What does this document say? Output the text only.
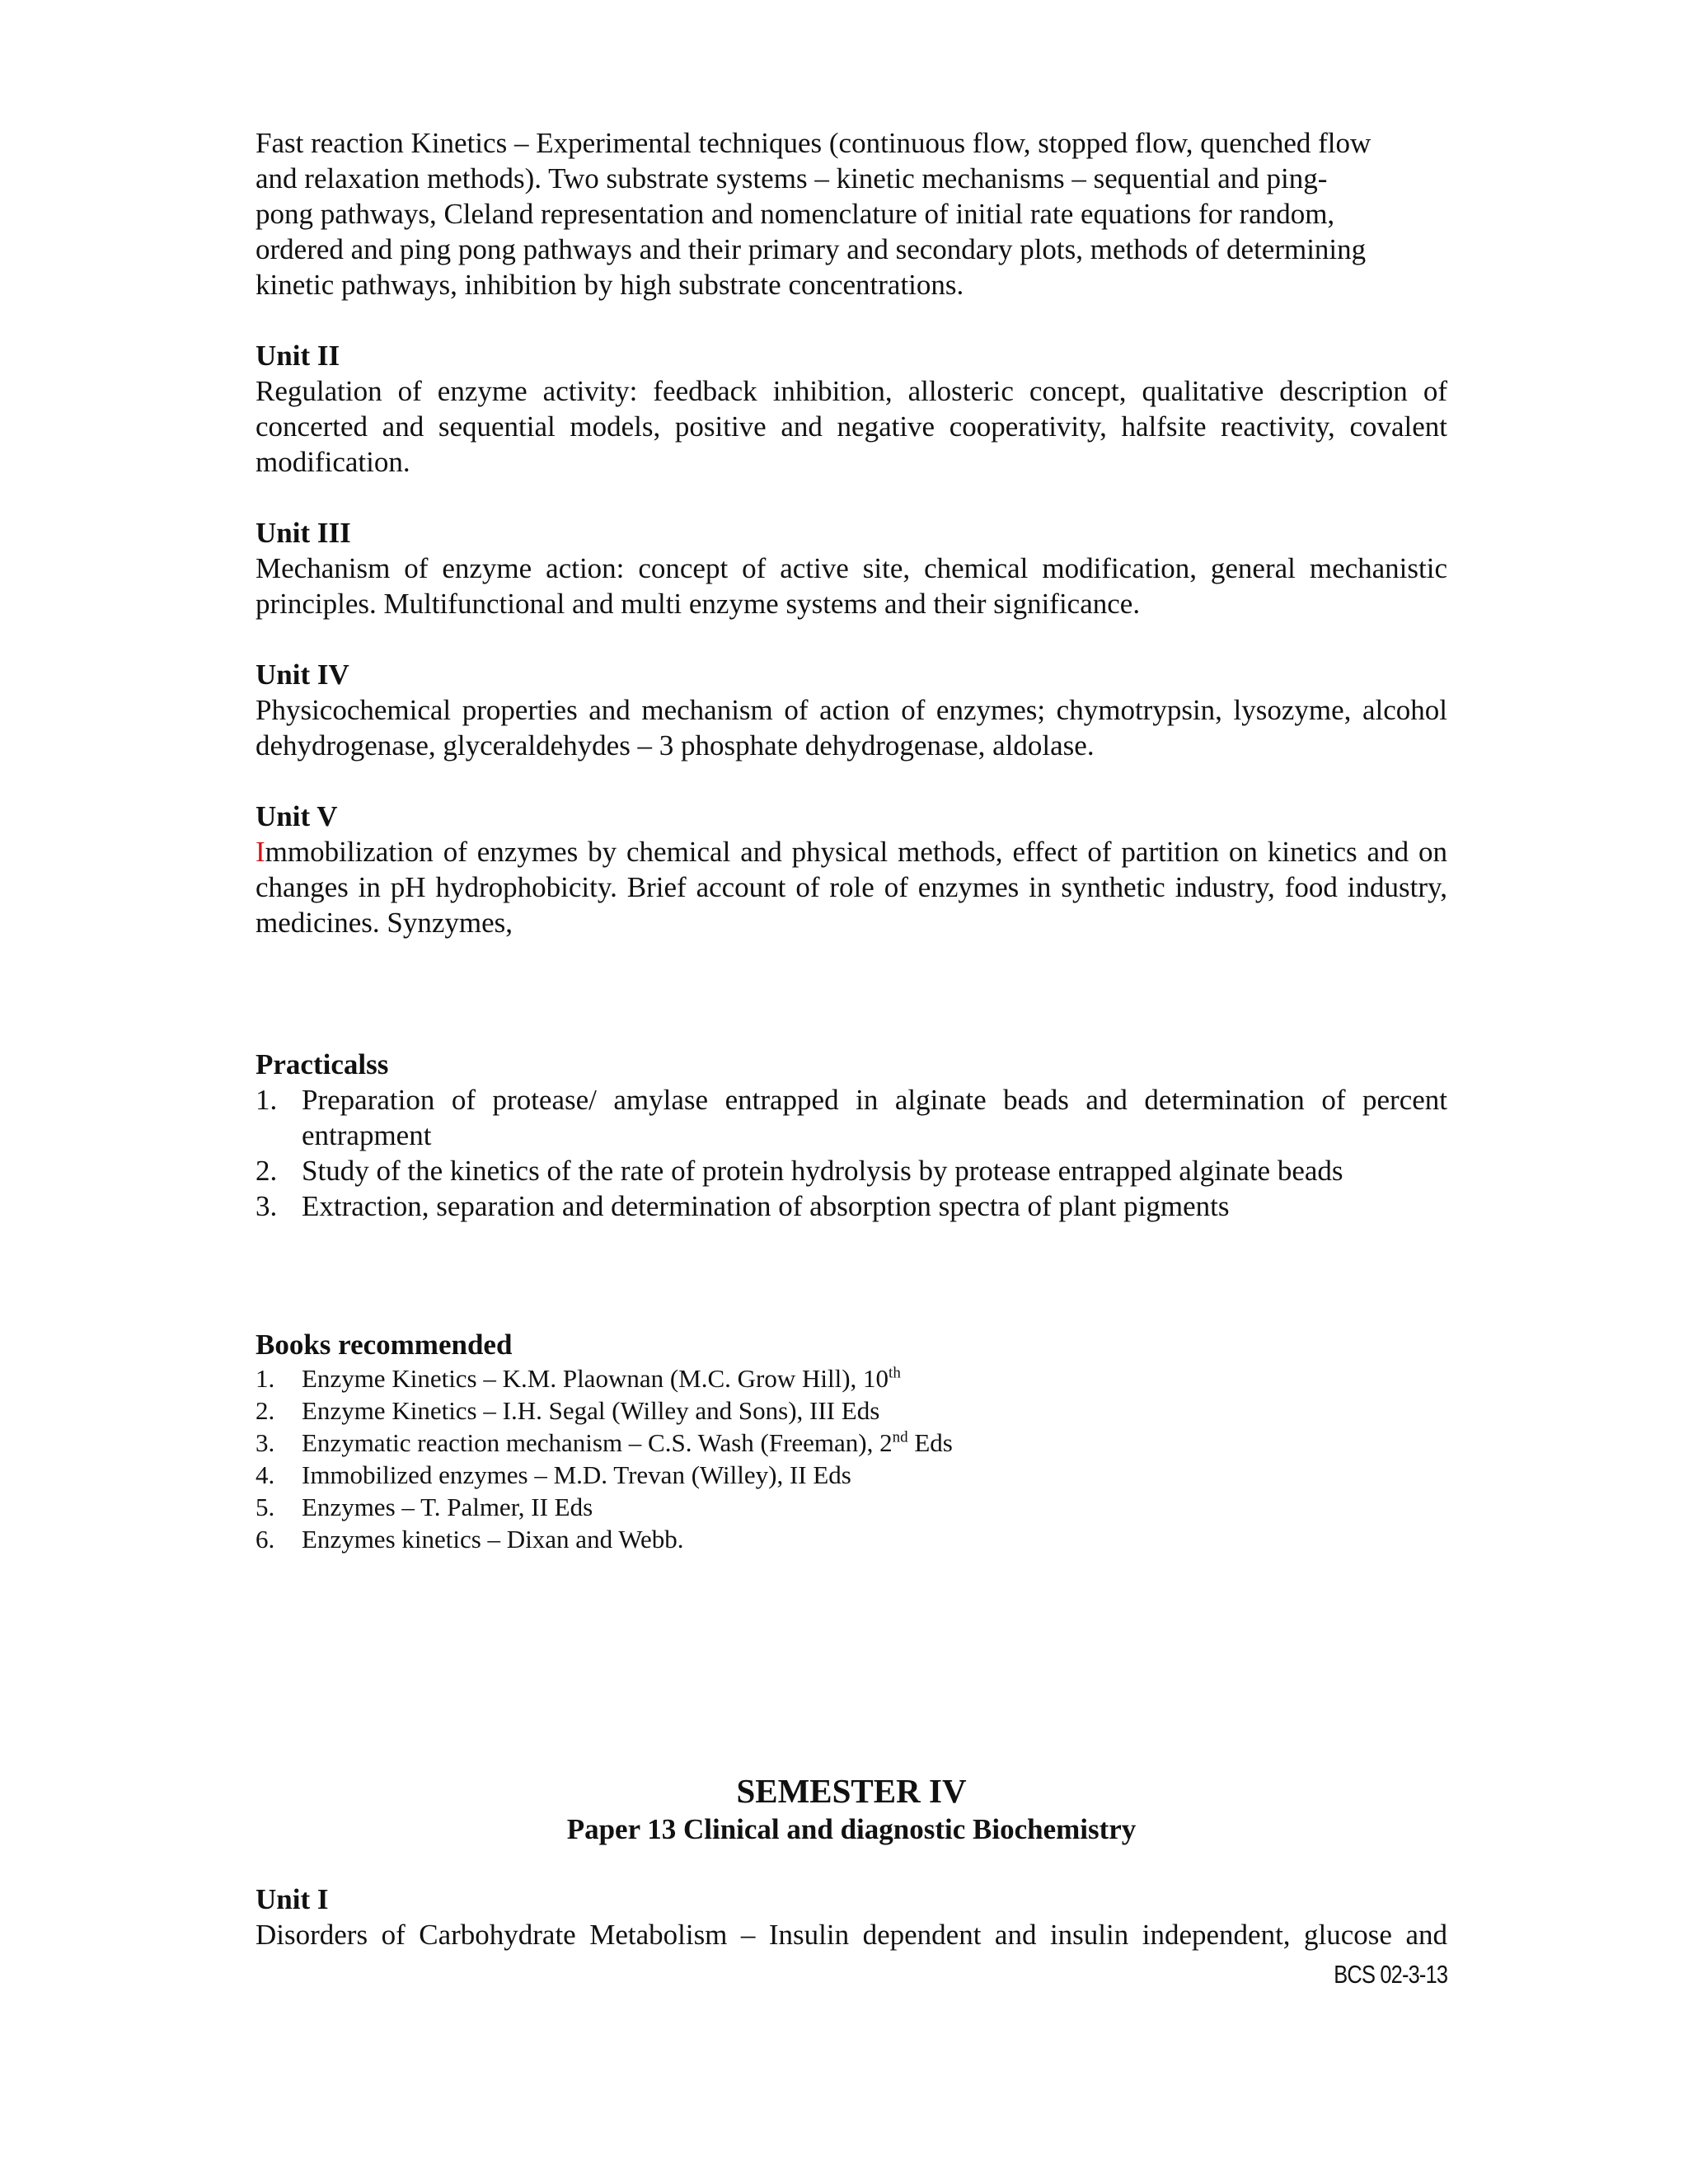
Fast reaction Kinetics – Experimental techniques (continuous flow, stopped flow, quenched flow

and relaxation methods). Two substrate systems – kinetic mechanisms – sequential and ping-

pong pathways, Cleland representation and nomenclature of initial rate equations for random,

ordered and ping pong pathways and their primary and secondary plots, methods of determining

kinetic pathways, inhibition by high substrate concentrations.

Unit II

Regulation of enzyme activity: feedback inhibition, allosteric concept, qualitative description of concerted and sequential models, positive and negative cooperativity, halfsite reactivity, covalent modification.

Unit III

Mechanism of enzyme action: concept of active site, chemical modification, general mechanistic principles. Multifunctional and multi enzyme systems and their significance.

Unit IV

Physicochemical properties and mechanism of action of enzymes; chymotrypsin, lysozyme, alcohol dehydrogenase, glyceraldehydes – 3 phosphate dehydrogenase, aldolase.

Unit V

Immobilization of enzymes by chemical and physical methods, effect of partition on kinetics and on changes in pH hydrophobicity. Brief account of role of enzymes in synthetic industry, food industry, medicines. Synzymes,

Practicalss

1. Preparation of protease/ amylase entrapped in alginate beads and determination of percent entrapment
2. Study of the kinetics of the rate of protein hydrolysis by protease entrapped alginate beads
3. Extraction, separation and determination of absorption spectra of plant pigments

Books recommended

1. Enzyme Kinetics – K.M. Plaownan (M.C. Grow Hill), 10th
2. Enzyme Kinetics – I.H. Segal (Willey and Sons), III Eds
3. Enzymatic reaction mechanism – C.S. Wash (Freeman), 2nd Eds
4. Immobilized enzymes – M.D. Trevan (Willey), II Eds
5. Enzymes – T. Palmer, II Eds
6. Enzymes kinetics – Dixan and Webb.

SEMESTER IV

Paper 13 Clinical and diagnostic Biochemistry

Unit I

Disorders of Carbohydrate Metabolism – Insulin dependent and insulin independent, glucose and

BCS 02-3-13
